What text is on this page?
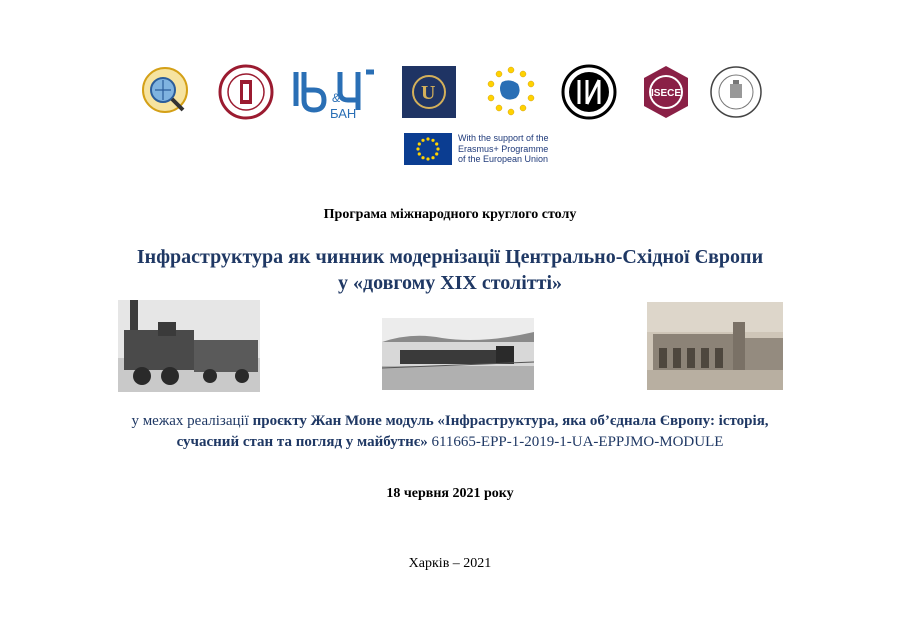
&
БАН
U	ISECE
With the support of the
Erasmus+ Programme
of the European Union
Програма міжнародного круглого столу
Інфраструктура як чинник модернізації Центрально-Східної Європи
у «довгому XIX столітті»
у межах реалізації проєкту Жан Моне модуль «Інфраструктура, яка об’єднала Європу: історія,
сучасний стан та погляд у майбутнє» 611665-EPP-1-2019-1-UA-EPPJMO-MODULE
18 червня 2021 року
Харків – 2021
